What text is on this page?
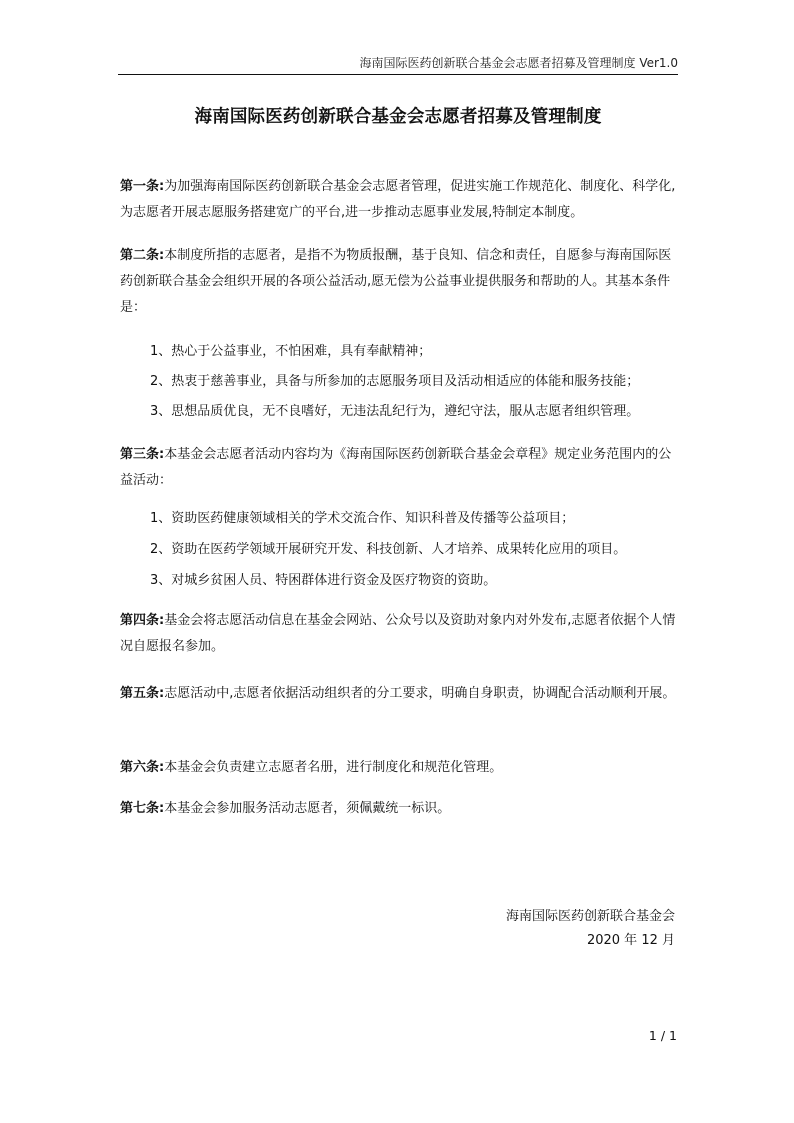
海南国际医药创新联合基金会志愿者招募及管理制度 Ver1.0
海南国际医药创新联合基金会志愿者招募及管理制度
第一条:为加强海南国际医药创新联合基金会志愿者管理，促进实施工作规范化、制度化、科学化,为志愿者开展志愿服务搭建宽广的平台,进一步推动志愿事业发展,特制定本制度。
第二条:本制度所指的志愿者，是指不为物质报酬，基于良知、信念和责任，自愿参与海南国际医药创新联合基金会组织开展的各项公益活动,愿无偿为公益事业提供服务和帮助的人。其基本条件是：
1、热心于公益事业，不怕困难，具有奉献精神；
2、热衷于慈善事业，具备与所参加的志愿服务项目及活动相适应的体能和服务技能；
3、思想品质优良，无不良嗜好，无违法乱纪行为，遵纪守法，服从志愿者组织管理。
第三条:本基金会志愿者活动内容均为《海南国际医药创新联合基金会章程》规定业务范围内的公益活动：
1、资助医药健康领域相关的学术交流合作、知识科普及传播等公益项目；
2、资助在医药学领域开展研究开发、科技创新、人才培养、成果转化应用的项目。
3、对城乡贫困人员、特困群体进行资金及医疗物资的资助。
第四条:基金会将志愿活动信息在基金会网站、公众号以及资助对象内对外发布,志愿者依据个人情况自愿报名参加。
第五条:志愿活动中,志愿者依据活动组织者的分工要求，明确自身职责，协调配合活动顺利开展。
第六条:本基金会负责建立志愿者名册，进行制度化和规范化管理。
第七条:本基金会参加服务活动志愿者，须佩戴统一标识。
海南国际医药创新联合基金会
2020 年 12 月
1 / 1
